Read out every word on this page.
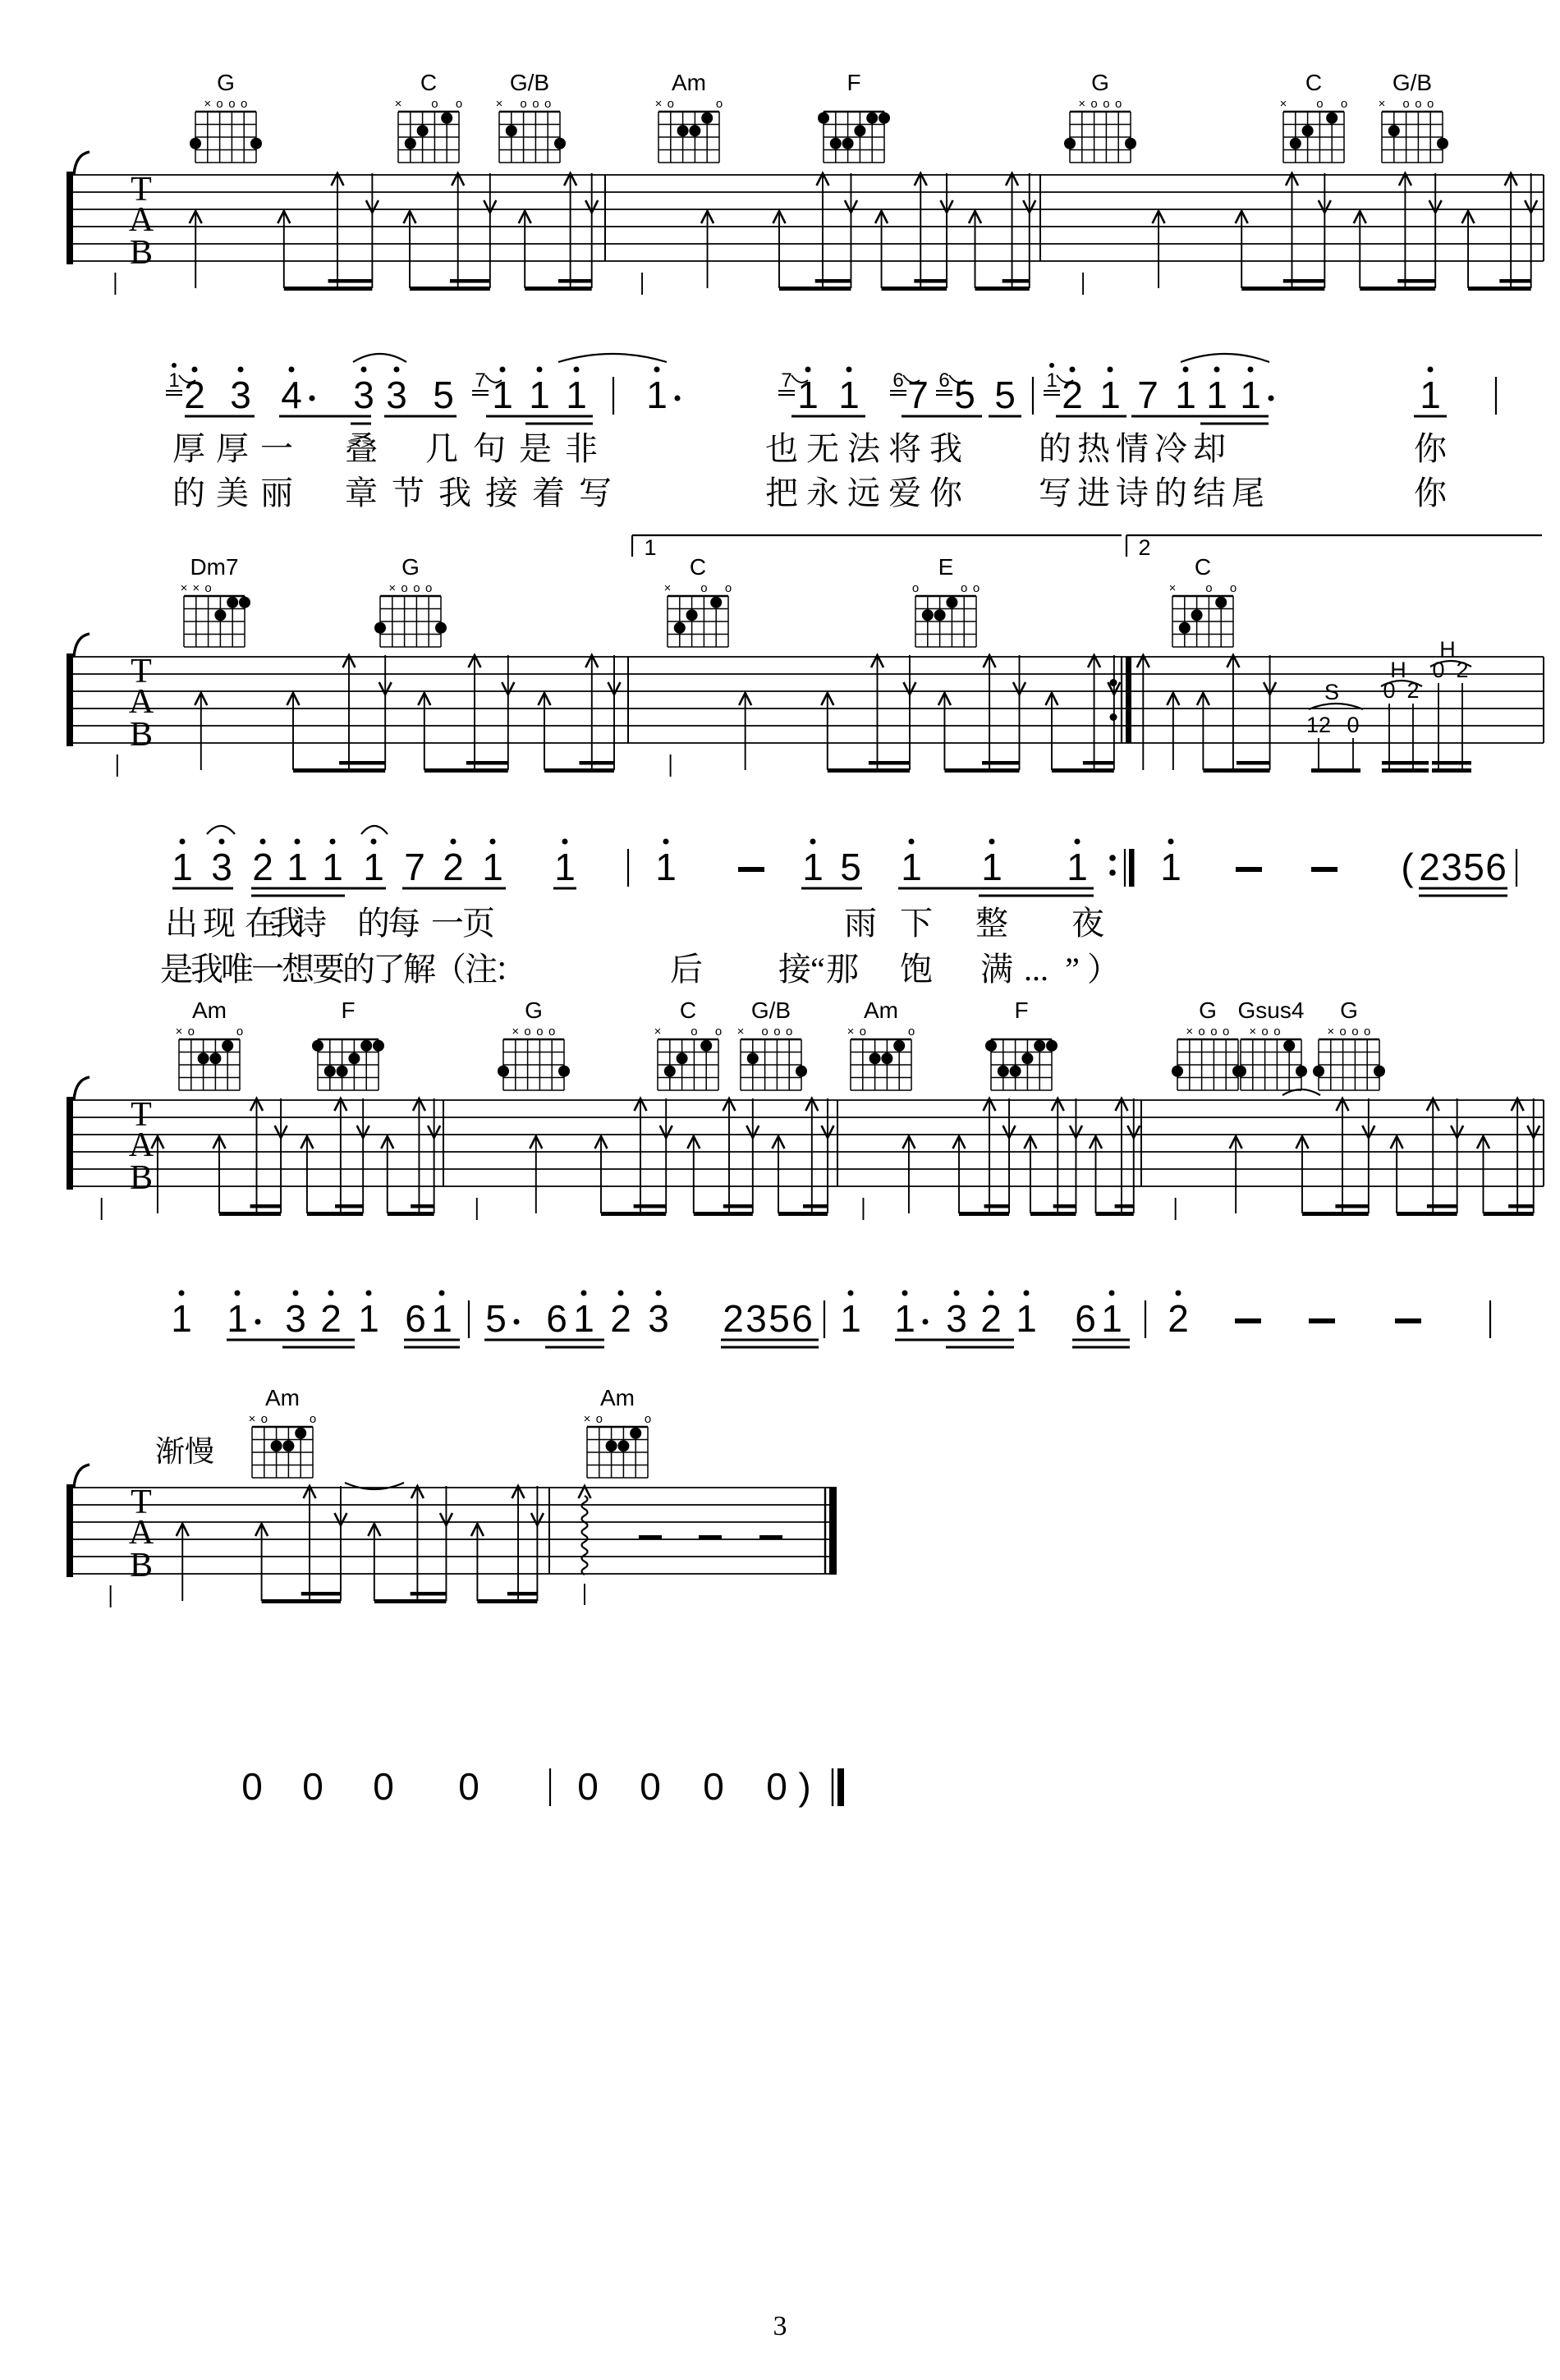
G
× o o o
C
× o o
G/B
× o o o
Am
× o	o
F	G
× o o o
C
× o o
G/B
× o o o
Dm7
× × o
G
× o o o
C
× o o
E
o	o o
C
× o o
Am
× o	o
F	G
× o o o
C
× o o
G/B
× o o o
Am
× o	o
F	G
× o o o
Gsus4
× o o
G
× o o o
Am
× o	o
Am
× o	o
T
A
B
T
A
B
T
A
B
T
A
B
S
12 0
H
0 2
H
0 2
1	2
1 2 3 4 3 3 5 7 1 1 1 1	7 1 1 6 7 6 5 5 1 2 1 7 1 1 1	1
1 3 2 1 1 1 7 2 1 1 1	1 5 1 1 1 1	( 2 3 5 6
1 1 3 2 1 6 1 5 6 1 2 3 2 3 5 6 1 1 3 2 1 6 1 2
0 0 0 0	0 0 0 0 )
厚 厚 一 叠 几 句 是 非	也 无 法 将 我 的 热 情 冷 却	你
的 美 丽 章 节 我 接 着 写	把 永 远 爱 你 写 进 诗 的 结 尾	你
出 现 在
我
诗 的
每 一
页	雨 下 整 夜
是
我
唯
一
想
要
的
了
解
（
注
：	后 接 “ 那 饱 满 ... ” ）
渐慢
3
